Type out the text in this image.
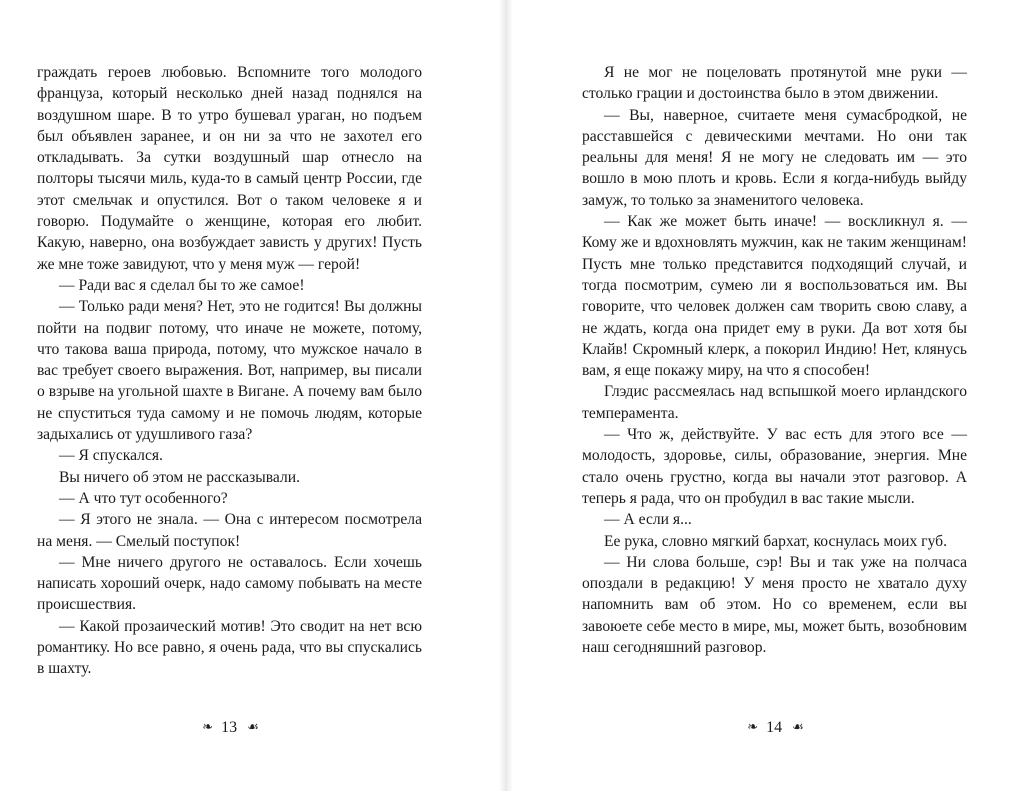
граждать героев любовью. Вспомните того молодого француза, который несколько дней назад поднялся на воздушном шаре. В то утро бушевал ураган, но подъем был объявлен заранее, и он ни за что не захотел его откладывать. За сутки воздушный шар отнесло на полторы тысячи миль, куда-то в самый центр России, где этот смельчак и опустился. Вот о таком человеке я и говорю. Подумайте о женщине, которая его любит. Какую, наверно, она возбуждает зависть у других! Пусть же мне тоже завидуют, что у меня муж — герой!

— Ради вас я сделал бы то же самое!

— Только ради меня? Нет, это не годится! Вы должны пойти на подвиг потому, что иначе не можете, потому, что такова ваша природа, потому, что мужское начало в вас требует своего выражения. Вот, например, вы писали о взрыве на угольной шахте в Вигане. А почему вам было не спуститься туда самому и не помочь людям, которые задыхались от удушливого газа?

— Я спускался.

Вы ничего об этом не рассказывали.

— А что тут особенного?

— Я этого не знала. — Она с интересом посмотрела на меня. — Смелый поступок!

— Мне ничего другого не оставалось. Если хочешь написать хороший очерк, надо самому побывать на месте происшествия.

— Какой прозаический мотив! Это сводит на нет всю романтику. Но все равно, я очень рада, что вы спускались в шахту.

❧ 13 ☙

Я не мог не поцеловать протянутой мне руки — столько грации и достоинства было в этом движении.

— Вы, наверное, считаете меня сумасбродкой, не расставшейся с девическими мечтами. Но они так реальны для меня! Я не могу не следовать им — это вошло в мою плоть и кровь. Если я когда-нибудь выйду замуж, то только за знаменитого человека.

— Как же может быть иначе! — воскликнул я. — Кому же и вдохновлять мужчин, как не таким женщинам! Пусть мне только представится подходящий случай, и тогда посмотрим, сумею ли я воспользоваться им. Вы говорите, что человек должен сам творить свою славу, а не ждать, когда она придет ему в руки. Да вот хотя бы Клайв! Скромный клерк, а покорил Индию! Нет, клянусь вам, я еще покажу миру, на что я способен!

Глэдис рассмеялась над вспышкой моего ирландского темперамента.

— Что ж, действуйте. У вас есть для этого все — молодость, здоровье, силы, образование, энергия. Мне стало очень грустно, когда вы начали этот разговор. А теперь я рада, что он пробудил в вас такие мысли.

— А если я...

Ее рука, словно мягкий бархат, коснулась моих губ.

— Ни слова больше, сэр! Вы и так уже на полчаса опоздали в редакцию! У меня просто не хватало духу напомнить вам об этом. Но со временем, если вы завоюете себе место в мире, мы, может быть, возобновим наш сегодняшний разговор.

❧ 14 ☙
